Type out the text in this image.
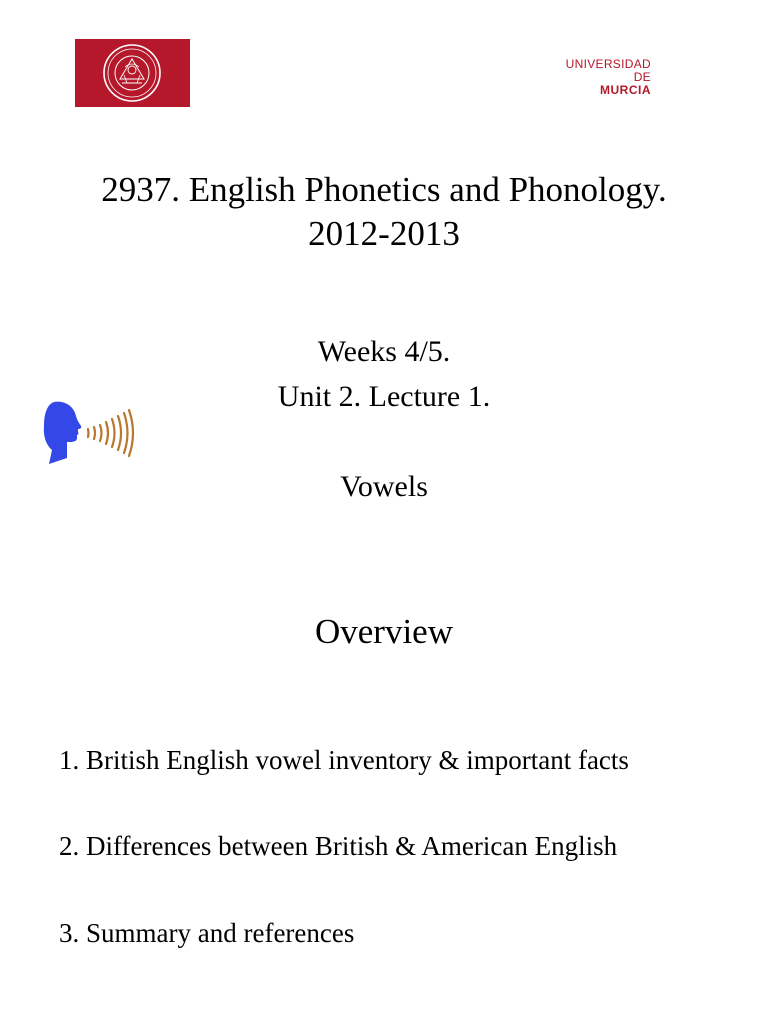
UNIVERSIDAD DE
MURCIA
2937. English Phonetics and Phonology.
2012-2013
Weeks 4/5.
Unit 2. Lecture 1.
Vowels
Overview
1. British English vowel inventory & important facts
2. Differences between British & American English
3. Summary and references
